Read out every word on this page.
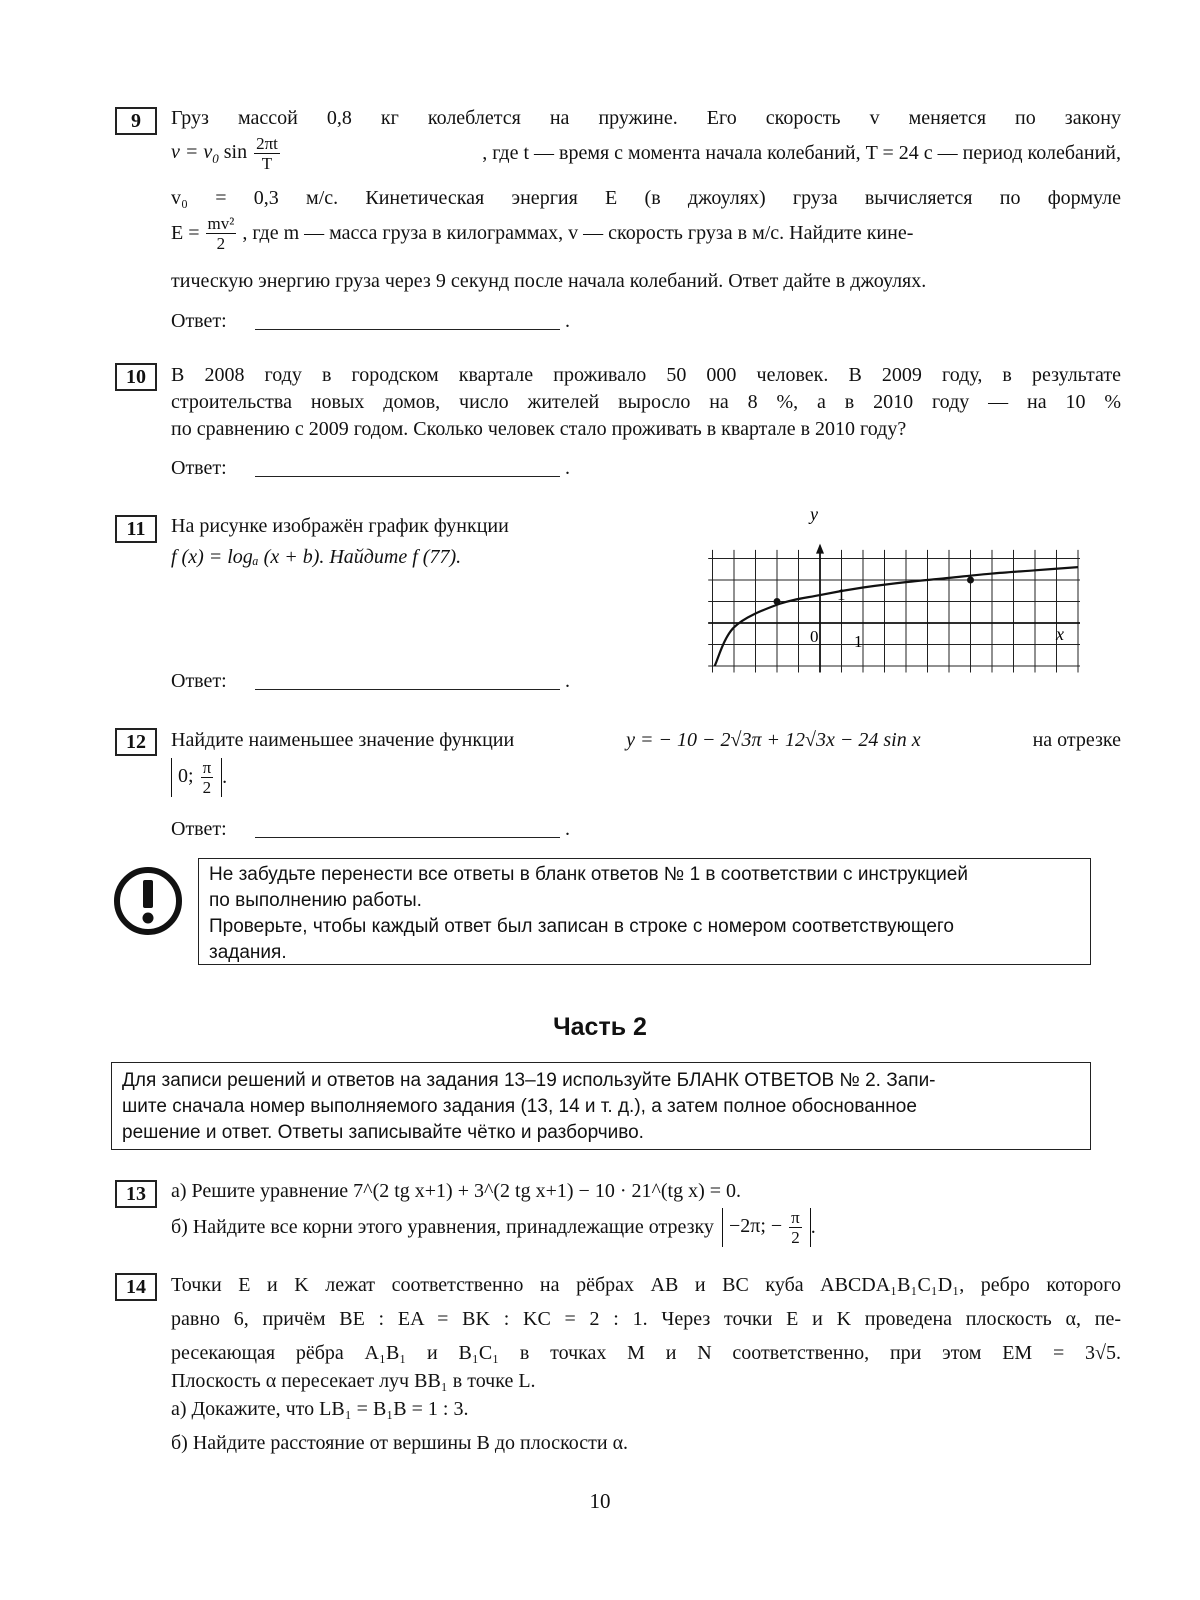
9	Груз массой 0,8 кг колеблется на пружине. Его скорость v меняется по закону
$v = v_0$ $\sin \frac{2\pi t}{T}$	, где t — время с момента начала колебаний, T = 24 с — период колебаний,
v₀ = 0,3 м/с. Кинетическая энергия E (в джоулях) груза вычисляется по формуле
$E = \frac{\text{mv²}}{2}$ , где m — масса груза в килограммах, v — скорость груза в м/с. Найдите кине-
тическую энергию груза через 9 секунд после начала колебаний. Ответ дайте в джоулях.
Ответ:	.
10	В 2008 году в городском квартале проживало 50 000 человек. В 2009 году, в результате
строительства новых домов, число жителей выросло на 8 %, а в 2010 году — на 10 %
по сравнению с 2009 годом. Сколько человек стало проживать в квартале в 2010 году?
Ответ:	.
11	На рисунке изображён график функции
f (x) = logₐ (x + b). Найдите f (77).
Ответ:	.
y
x
0 1
1
12	Найдите наименьшее значение функции	y = − 10 − 2√3π + 12√3x − 24 sin x	на отрезке
0; $\frac{\pi}{2}$ .
Ответ:	.
Не забудьте перенести все ответы в бланк ответов № 1 в соответствии с инструкцией
по выполнению работы.
Проверьте, чтобы каждый ответ был записан в строке с номером соответствующего
задания.
Часть 2
Для записи решений и ответов на задания 13–19 используйте БЛАНК ОТВЕТОВ № 2. Запи-
шите сначала номер выполняемого задания (13, 14 и т. д.), а затем полное обоснованное
решение и ответ. Ответы записывайте чётко и разборчиво.
13	а) Решите уравнение 7^(2 tg x+1) + 3^(2 tg x+1) − 10 · 21^(tg x) = 0.
б) Найдите все корни этого уравнения, принадлежащие отрезку −2π; − $\frac{\pi}{2}$ .
14	Точки E и K лежат соответственно на рёбрах AB и BC куба ABCDA₁B₁C₁D₁, ребро которого
равно 6, причём BE : EA = BK : KC = 2 : 1. Через точки E и K проведена плоскость α, пе-
ресекающая рёбра A₁B₁ и B₁C₁ в точках M и N соответственно, при этом EM = 3√5.
Плоскость α пересекает луч BB₁ в точке L.
а) Докажите, что LB₁ = B₁B = 1 : 3.
б) Найдите расстояние от вершины B до плоскости α.
10
